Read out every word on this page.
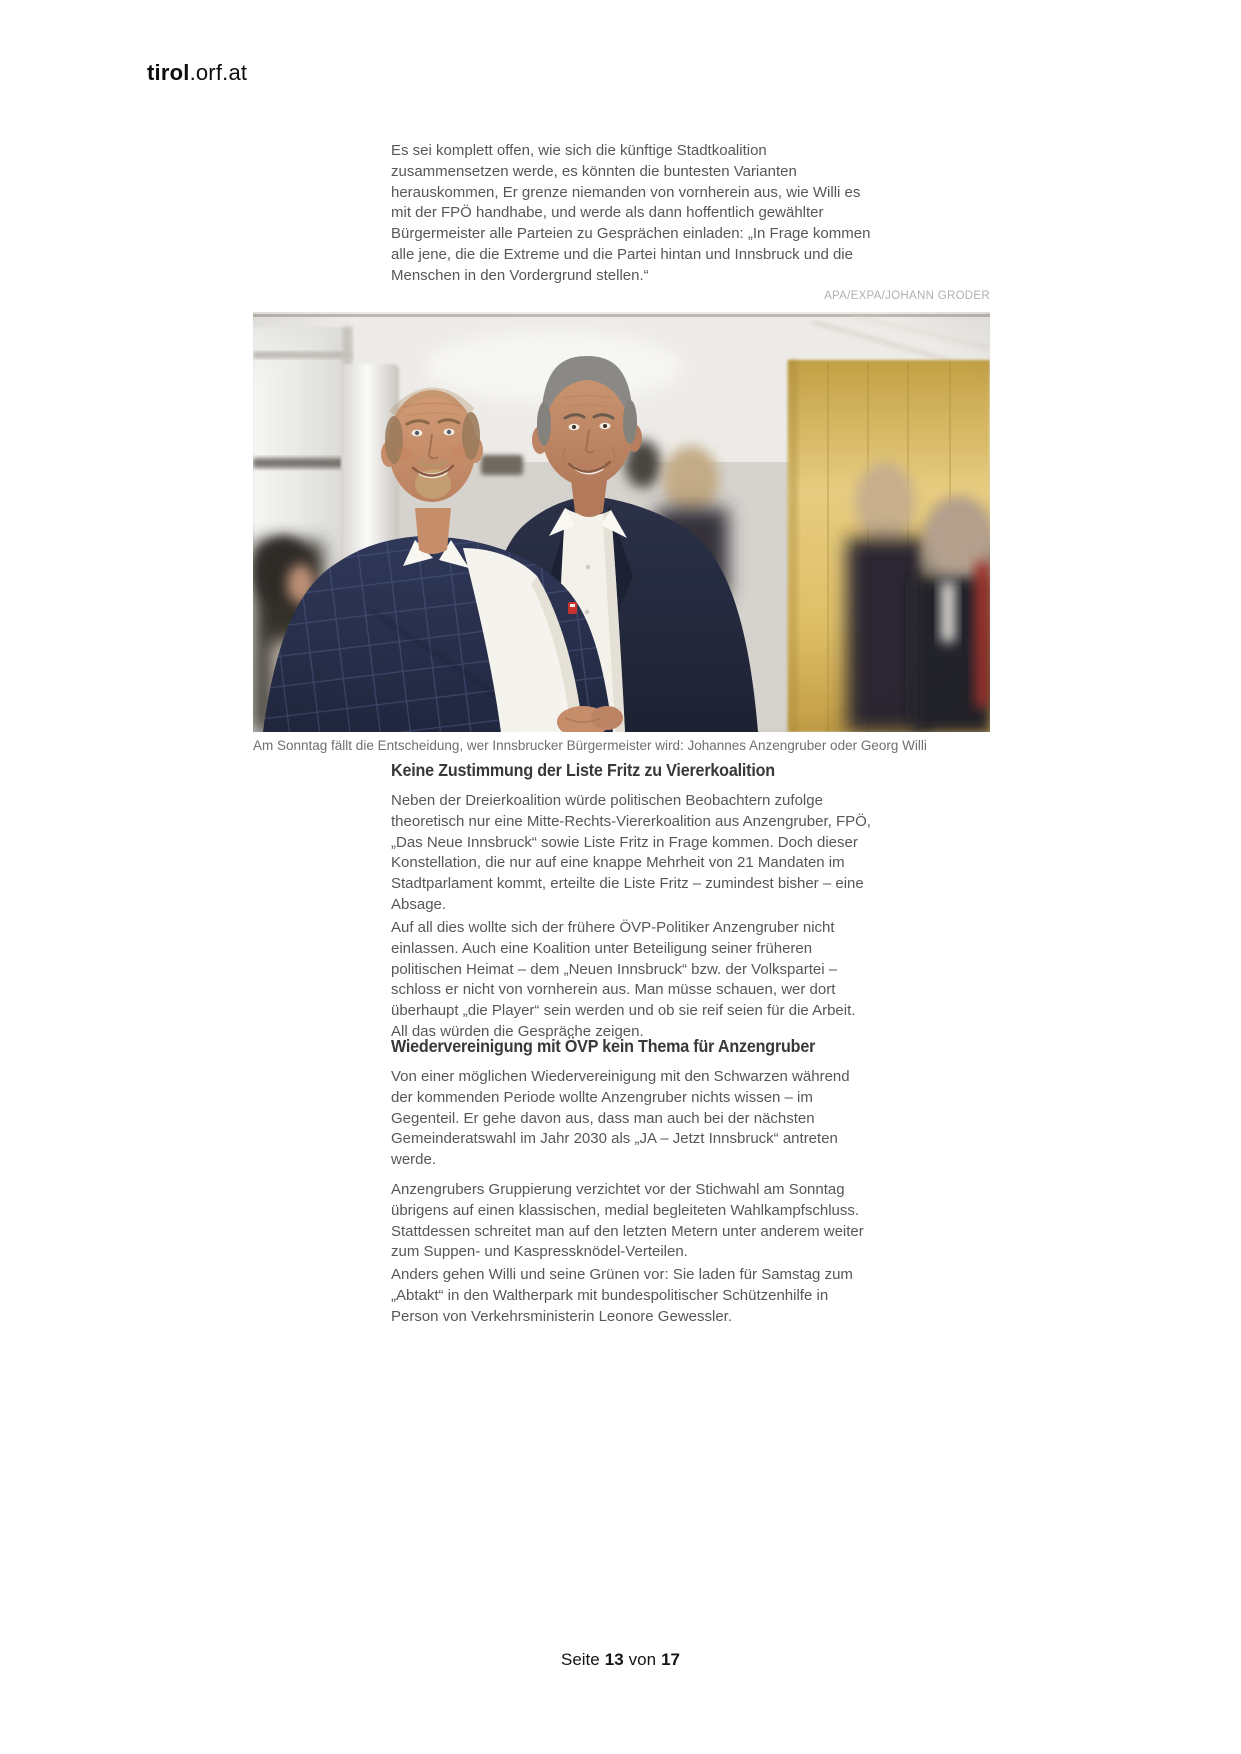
tirol.orf.at
Es sei komplett offen, wie sich die künftige Stadtkoalition zusammensetzen werde, es könnten die buntesten Varianten herauskommen, Er grenze niemanden von vornherein aus, wie Willi es mit der FPÖ handhabe, und werde als dann hoffentlich gewählter Bürgermeister alle Parteien zu Gesprächen einladen: „In Frage kommen alle jene, die die Extreme und die Partei hintan und Innsbruck und die Menschen in den Vordergrund stellen.“
APA/EXPA/JOHANN GRODER
Am Sonntag fällt die Entscheidung, wer Innsbrucker Bürgermeister wird: Johannes Anzengruber oder Georg Willi
Keine Zustimmung der Liste Fritz zu Viererkoalition
Neben der Dreierkoalition würde politischen Beobachtern zufolge theoretisch nur eine Mitte-Rechts-Viererkoalition aus Anzengruber, FPÖ, „Das Neue Innsbruck“ sowie Liste Fritz in Frage kommen. Doch dieser Konstellation, die nur auf eine knappe Mehrheit von 21 Mandaten im Stadtparlament kommt, erteilte die Liste Fritz – zumindest bisher – eine Absage.
Auf all dies wollte sich der frühere ÖVP-Politiker Anzengruber nicht einlassen. Auch eine Koalition unter Beteiligung seiner früheren politischen Heimat – dem „Neuen Innsbruck“ bzw. der Volkspartei – schloss er nicht von vornherein aus. Man müsse schauen, wer dort überhaupt „die Player“ sein werden und ob sie reif seien für die Arbeit. All das würden die Gespräche zeigen.
Wiedervereinigung mit ÖVP kein Thema für Anzengruber
Von einer möglichen Wiedervereinigung mit den Schwarzen während der kommenden Periode wollte Anzengruber nichts wissen – im Gegenteil. Er gehe davon aus, dass man auch bei der nächsten Gemeinderatswahl im Jahr 2030 als „JA – Jetzt Innsbruck“ antreten werde.
Anzengrubers Gruppierung verzichtet vor der Stichwahl am Sonntag übrigens auf einen klassischen, medial begleiteten Wahlkampfschluss. Stattdessen schreitet man auf den letzten Metern unter anderem weiter zum Suppen- und Kaspressknödel-Verteilen.
Anders gehen Willi und seine Grünen vor: Sie laden für Samstag zum „Abtakt“ in den Waltherpark mit bundespolitischer Schützenhilfe in Person von Verkehrsministerin Leonore Gewessler.
Seite 13 von 17
